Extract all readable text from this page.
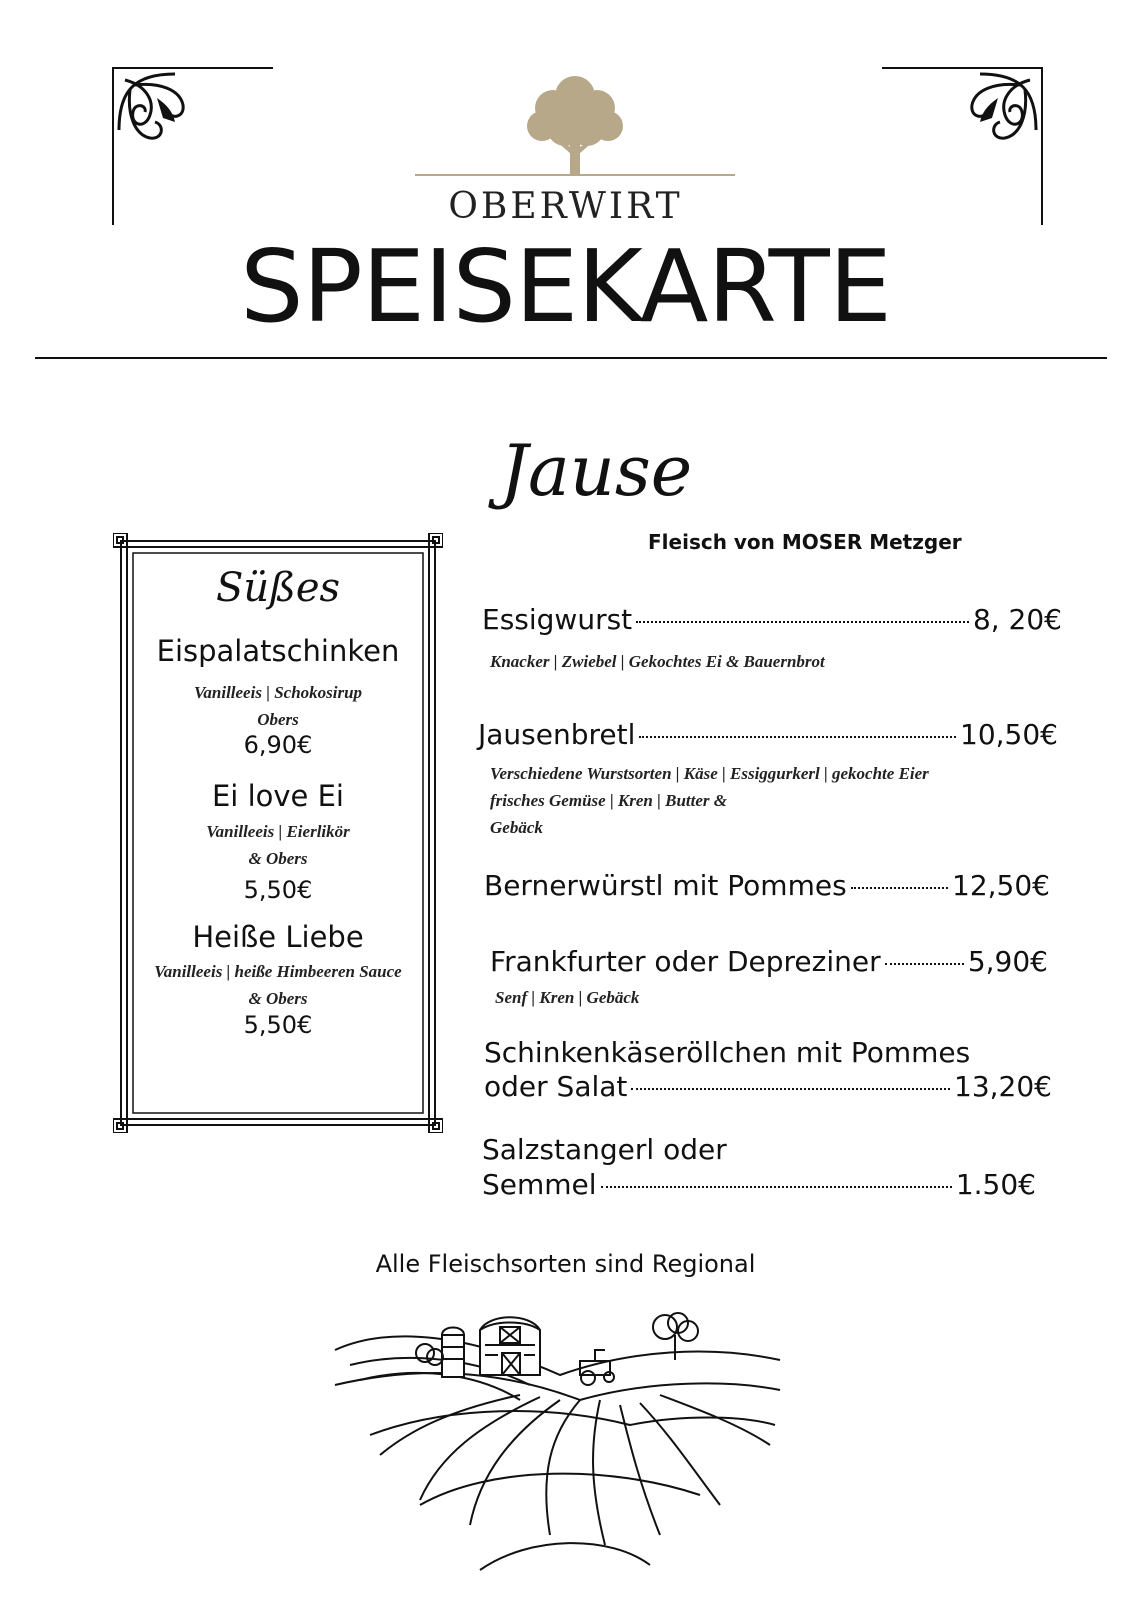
OBERWIRT
SPEISEKARTE
Jause
Fleisch von MOSER Metzger
Essigwurst	8, 20€
Knacker | Zwiebel | Gekochtes Ei & Bauernbrot
Jausenbretl	10,50€
Verschiedene Wurstsorten | Käse | Essiggurkerl | gekochte Eier
frisches Gemüse | Kren | Butter &
Gebäck
Bernerwürstl mit Pommes	12,50€
Frankfurter oder Depreziner	5,90€
Senf | Kren | Gebäck
Schinkenkäseröllchen mit Pommes
oder Salat	13,20€
Salzstangerl oder
Semmel	1.50€
Süßes
Eispalatschinken
Vanilleeis | Schokosirup
Obers
6,90€
Ei love Ei
Vanilleeis | Eierlikör
& Obers
5,50€
Heiße Liebe
Vanilleeis | heiße Himbeeren Sauce
& Obers
5,50€
Alle Fleischsorten sind Regional
